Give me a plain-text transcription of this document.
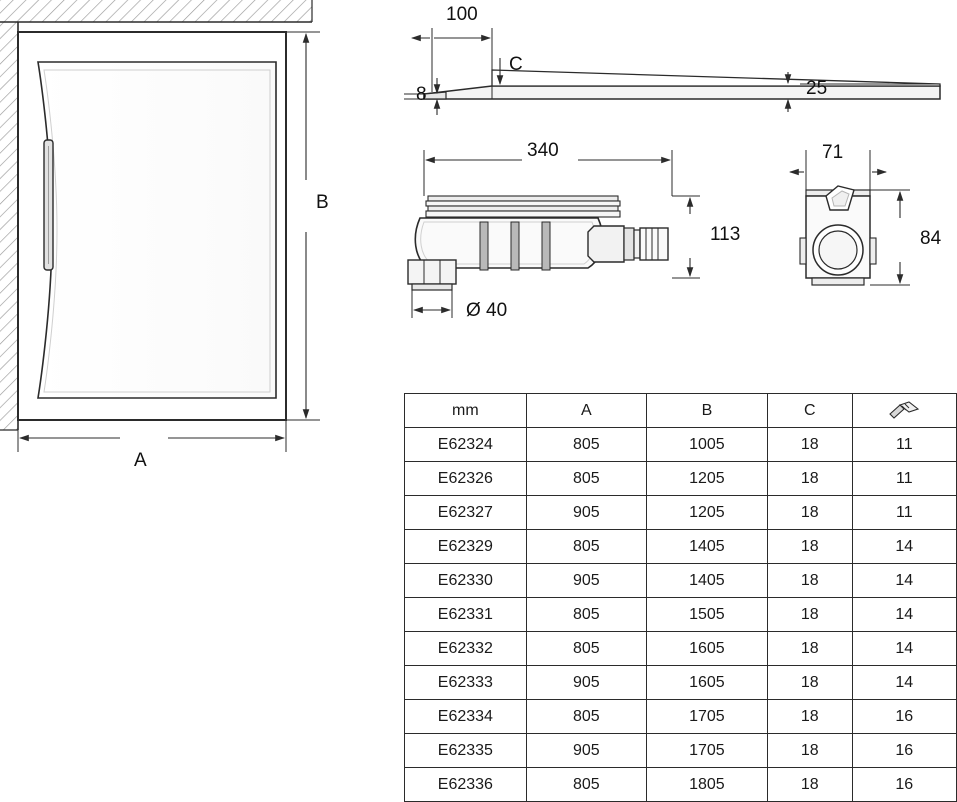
B
A
100
C
8	25
340
113
Ø 40
71
84
mm	A	B	C	

E62324	805	1005	18	11
E62326	805	1205	18	11
E62327	905	1205	18	11
E62329	805	1405	18	14
E62330	905	1405	18	14
E62331	805	1505	18	14
E62332	805	1605	18	14
E62333	905	1605	18	14
E62334	805	1705	18	16
E62335	905	1705	18	16
E62336	805	1805	18	16
